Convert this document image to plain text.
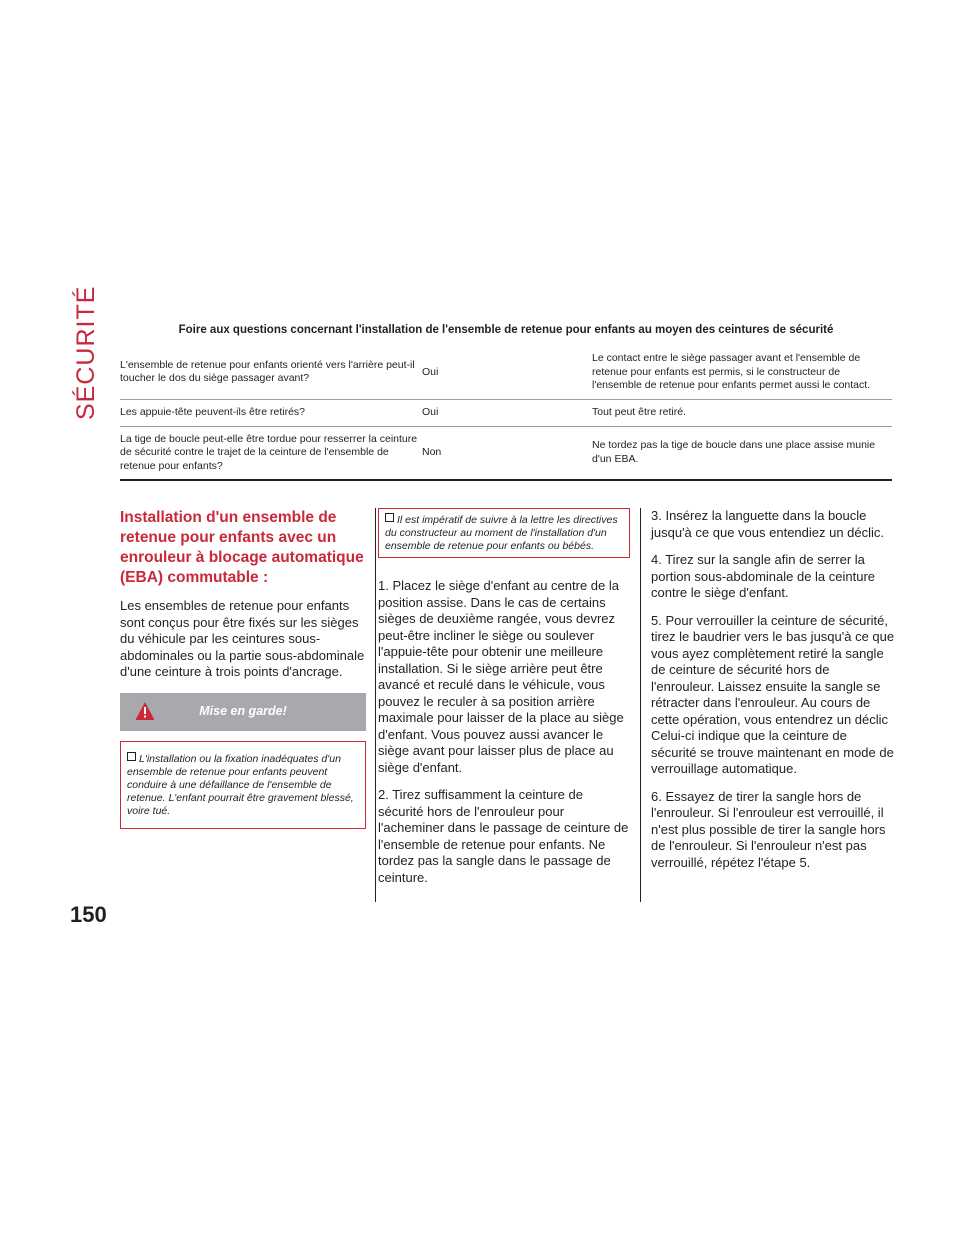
SÉCURITÉ	Foire aux questions concernant l'installation de l'ensemble de retenue pour enfants au moyen des ceintures de sécurité
L'ensemble de retenue pour enfants orienté vers l'arrière peut-il toucher le dos du siège passager avant?	Oui	Le contact entre le siège passager avant et l'ensemble de retenue pour enfants est permis, si le constructeur de l'ensemble de retenue pour enfants permet aussi le contact.
Les appuie-tête peuvent-ils être retirés?	Oui	Tout peut être retiré.
La tige de boucle peut-elle être tordue pour resserrer la ceinture de sécurité contre le trajet de la ceinture de l'ensemble de retenue pour enfants?	Non	Ne tordez pas la tige de boucle dans une place assise munie d'un EBA.
Installation d'un ensemble de retenue pour enfants avec un enrouleur à blocage automatique (EBA) commutable :

Les ensembles de retenue pour enfants sont conçus pour être fixés sur les sièges du véhicule par les ceintures sous-abdominales ou la partie sous-abdominale d'une ceinture à trois points d'ancrage.

Mise en garde!
L'installation ou la fixation inadéquates d'un ensemble de retenue pour enfants peuvent conduire à une défaillance de l'ensemble de retenue. L'enfant pourrait être gravement blessé, voire tué.
Il est impératif de suivre à la lettre les directives du constructeur au moment de l'installation d'un ensemble de retenue pour enfants ou bébés.

1. Placez le siège d'enfant au centre de la position assise. Dans le cas de certains sièges de deuxième rangée, vous devrez peut-être incliner le siège ou soulever l'appuie-tête pour obtenir une meilleure installation. Si le siège arrière peut être avancé et reculé dans le véhicule, vous pouvez le reculer à sa position arrière maximale pour laisser de la place au siège d'enfant. Vous pouvez aussi avancer le siège avant pour laisser plus de place au siège d'enfant.

2. Tirez suffisamment la ceinture de sécurité hors de l'enrouleur pour l'acheminer dans le passage de ceinture de l'ensemble de retenue pour enfants. Ne tordez pas la sangle dans le passage de ceinture.

3. Insérez la languette dans la boucle jusqu'à ce que vous entendiez un déclic.

4. Tirez sur la sangle afin de serrer la portion sous-abdominale de la ceinture contre le siège d'enfant.

5. Pour verrouiller la ceinture de sécurité, tirez le baudrier vers le bas jusqu'à ce que vous ayez complètement retiré la sangle de ceinture de sécurité hors de l'enrouleur. Laissez ensuite la sangle se rétracter dans l'enrouleur. Au cours de cette opération, vous entendrez un déclic Celui-ci indique que la ceinture de sécurité se trouve maintenant en mode de verrouillage automatique.

6. Essayez de tirer la sangle hors de l'enrouleur. Si l'enrouleur est verrouillé, il n'est plus possible de tirer la sangle hors de l'enrouleur. Si l'enrouleur n'est pas verrouillé, répétez l'étape 5.

150
